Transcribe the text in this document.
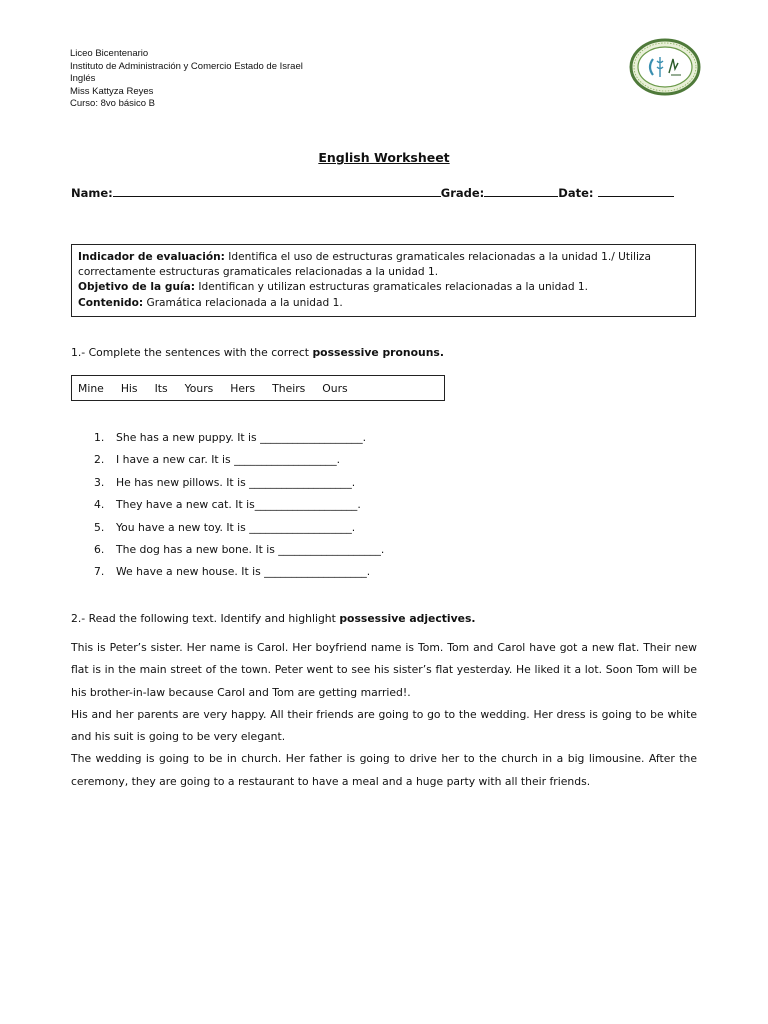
Liceo Bicentenario
Instituto de Administración y Comercio Estado de Israel
Inglés
Miss Kattyza Reyes
Curso: 8vo básico B
English Worksheet
Name:	Grade:	Date:
Indicador de evaluación: Identifica el uso de estructuras gramaticales relacionadas a la unidad 1./ Utiliza correctamente estructuras gramaticales relacionadas a la unidad 1.
Objetivo de la guía: Identifican y utilizan estructuras gramaticales relacionadas a la unidad 1.
Contenido: Gramática relacionada a la unidad 1.
1.- Complete the sentences with the correct possessive pronouns.
Mine His Its Yours Hers Theirs Ours
1. She has a new puppy. It is ___________________.
2. I have a new car. It is ___________________.
3. He has new pillows. It is ___________________.
4. They have a new cat. It is___________________.
5. You have a new toy. It is ___________________.
6. The dog has a new bone. It is ___________________.
7. We have a new house. It is ___________________.
2.- Read the following text. Identify and highlight possessive adjectives.

This is Peter’s sister. Her name is Carol. Her boyfriend name is Tom. Tom and Carol have got a new flat. Their new flat is in the main street of the town. Peter went to see his sister’s flat yesterday. He liked it a lot. Soon Tom will be his brother-in-law because Carol and Tom are getting married!.

His and her parents are very happy. All their friends are going to go to the wedding. Her dress is going to be white and his suit is going to be very elegant.

The wedding is going to be in church. Her father is going to drive her to the church in a big limousine. After the ceremony, they are going to a restaurant to have a meal and a huge party with all their friends.
